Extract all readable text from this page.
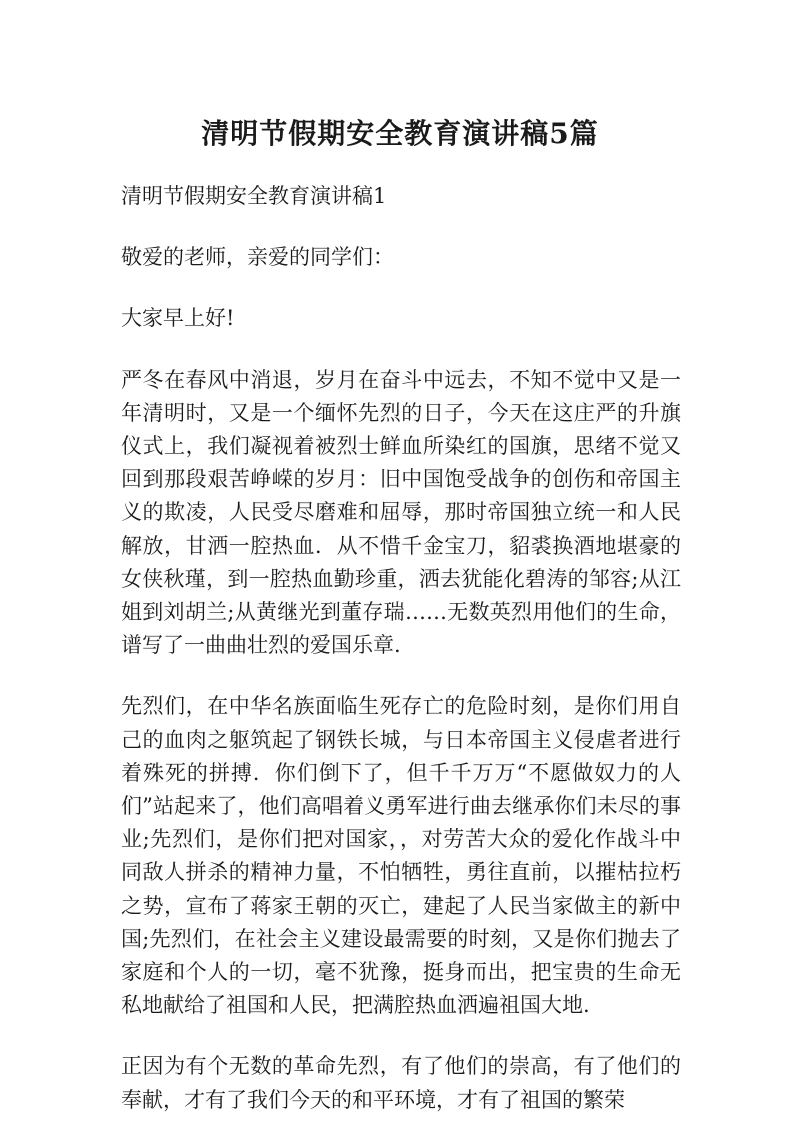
清明节假期安全教育演讲稿5篇

清明节假期安全教育演讲稿1

敬爱的老师，亲爱的同学们：

大家早上好!

严冬在春风中消退，岁月在奋斗中远去，不知不觉中又是一年清明时，又是一个缅怀先烈的日子，今天在这庄严的升旗仪式上，我们凝视着被烈士鲜血所染红的国旗，思绪不觉又回到那段艰苦峥嵘的岁月：旧中国饱受战争的创伤和帝国主义的欺凌，人民受尽磨难和屈辱，那时帝国独立统一和人民解放，甘洒一腔热血．从不惜千金宝刀，貂裘换酒地堪豪的女侠秋瑾，到一腔热血勤珍重，洒去犹能化碧涛的邹容;从江姐到刘胡兰;从黄继光到董存瑞……无数英烈用他们的生命，谱写了一曲曲壮烈的爱国乐章.

先烈们，在中华名族面临生死存亡的危险时刻，是你们用自己的血肉之躯筑起了钢铁长城，与日本帝国主义侵虐者进行着殊死的拼搏．你们倒下了，但千千万万“不愿做奴力的人们”站起来了，他们高唱着义勇军进行曲去继承你们未尽的事业;先烈们，是你们把对国家，，对劳苦大众的爱化作战斗中同敌人拼杀的精神力量，不怕牺牲，勇往直前，以摧枯拉朽之势，宣布了蒋家王朝的灭亡，建起了人民当家做主的新中国;先烈们，在社会主义建设最需要的时刻，又是你们抛去了家庭和个人的一切，毫不犹豫，挺身而出，把宝贵的生命无私地献给了祖国和人民，把满腔热血洒遍祖国大地.

正因为有个无数的革命先烈，有了他们的崇高，有了他们的奉献，才有了我们今天的和平环境，才有了祖国的繁荣
